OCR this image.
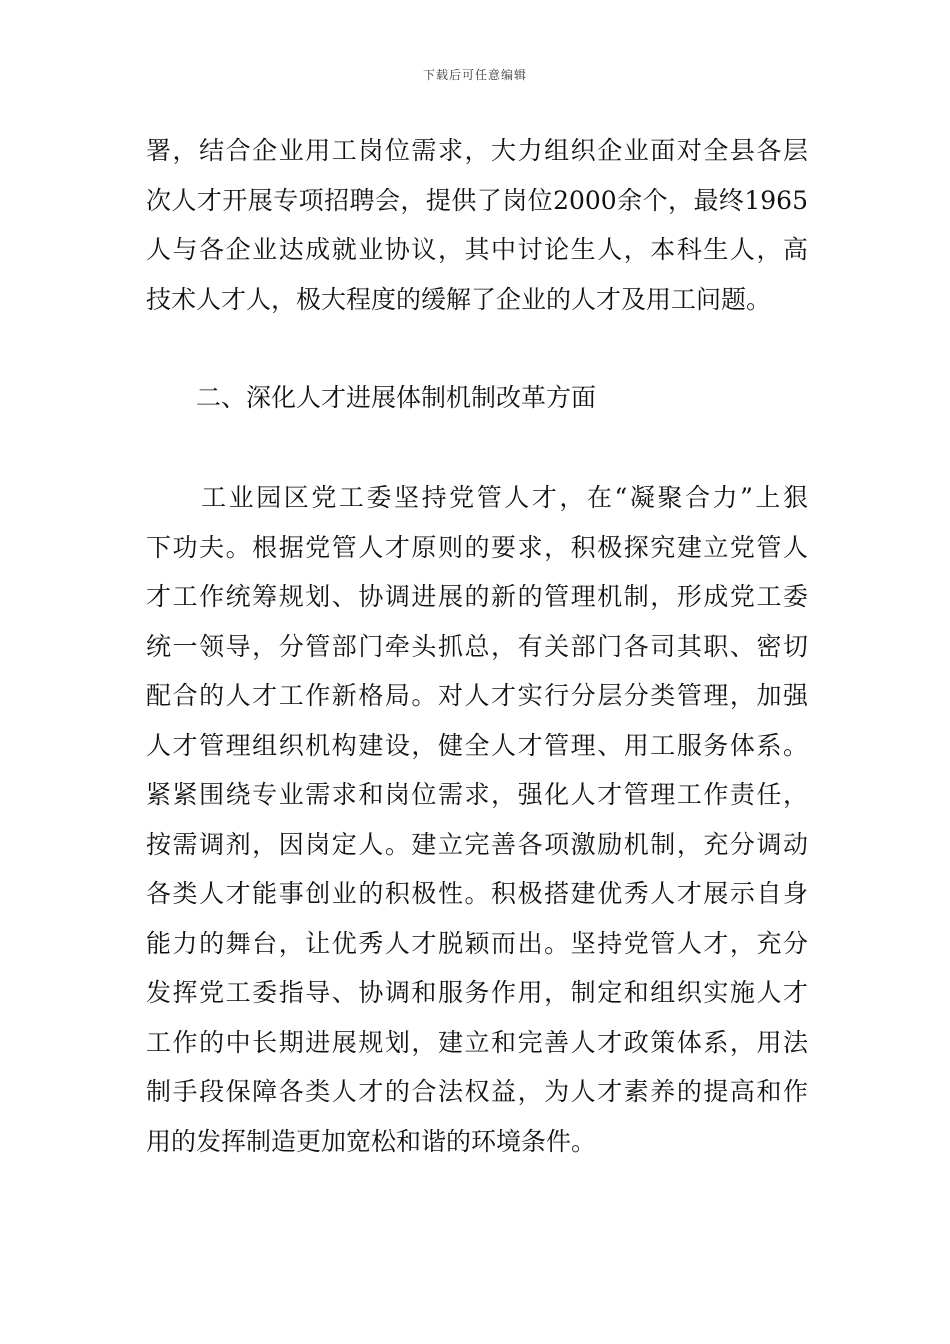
下载后可任意编辑

署，结合企业用工岗位需求，大力组织企业面对全县各层
次人才开展专项招聘会，提供了岗位2000余个，最终1965
人与各企业达成就业协议，其中讨论生人，本科生人，高
技术人才人，极大程度的缓解了企业的人才及用工问题。

二、深化人才进展体制机制改革方面

　　工业园区党工委坚持党管人才，在“凝聚合力”上狠
下功夫。根据党管人才原则的要求，积极探究建立党管人
才工作统筹规划、协调进展的新的管理机制，形成党工委
统一领导，分管部门牵头抓总，有关部门各司其职、密切
配合的人才工作新格局。对人才实行分层分类管理，加强
人才管理组织机构建设，健全人才管理、用工服务体系。
紧紧围绕专业需求和岗位需求，强化人才管理工作责任，
按需调剂，因岗定人。建立完善各项激励机制，充分调动
各类人才能事创业的积极性。积极搭建优秀人才展示自身
能力的舞台，让优秀人才脱颖而出。坚持党管人才，充分
发挥党工委指导、协调和服务作用，制定和组织实施人才
工作的中长期进展规划，建立和完善人才政策体系，用法
制手段保障各类人才的合法权益，为人才素养的提高和作
用的发挥制造更加宽松和谐的环境条件。
